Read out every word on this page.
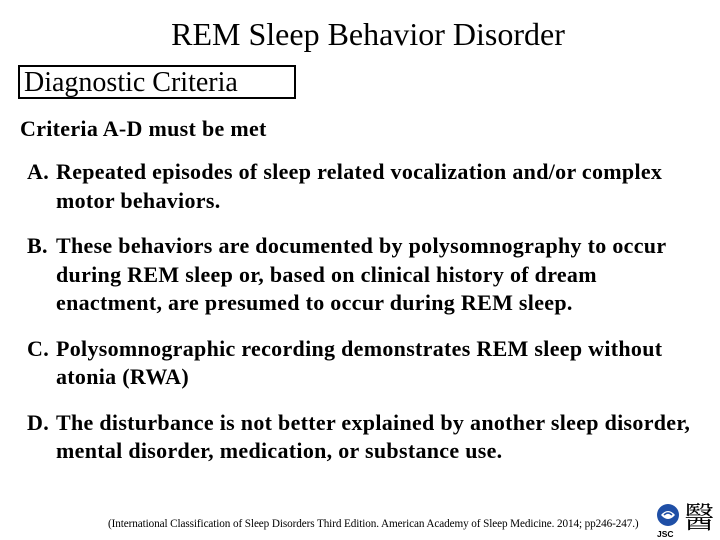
REM Sleep Behavior Disorder
Diagnostic Criteria
Criteria A-D must be met
A. Repeated episodes of sleep related vocalization and/or complex motor behaviors.
B. These behaviors are documented by polysomnography to occur during REM sleep or, based on clinical history of dream enactment, are presumed to occur during REM sleep.
C. Polysomnographic recording demonstrates REM sleep without atonia (RWA)
D. The disturbance is not better explained by another sleep disorder, mental disorder, medication, or substance use.
(International Classification of Sleep Disorders Third Edition. American Academy of Sleep Medicine. 2014; pp246-247.) 醫
JSC
